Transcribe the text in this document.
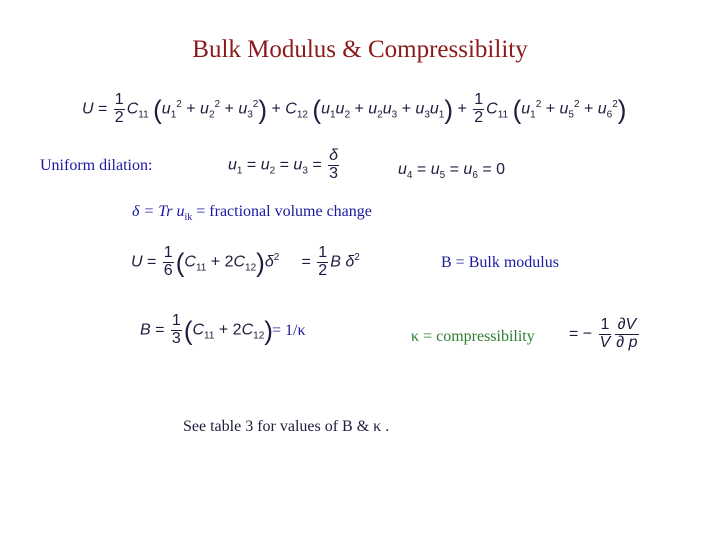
Bulk Modulus & Compressibility
$U = \frac{1}{2} C_{11}$ $(u_1^2 + u_2^2 + u_3^2) + C_{12}$ $(u_1u_2 + u_2u_3 + u_3u_1) + \frac{1}{2} C_{11}$ $(u_1^2 + u_5^2 + u_6^2)$
Uniform dilation:	$u_1 = u_2 = u_3 = \frac{\delta}{3}$	$u_4 = u_5 = u_6 = 0$
δ = Tr $u_{ik}$ = fractional volume change
$U = \frac{1}{6} (C_{11} + 2C_{12})\delta^2$     = $\frac{1}{2}$ B $\delta^2$	B = Bulk modulus
$B = \frac{1}{3} (C_{11} + 2C_{12}) = 1/\kappa$	κ = compressibility = − $\frac{1}{V} \frac{\partial V}{\partial p}$
See table 3 for values of B & κ .
